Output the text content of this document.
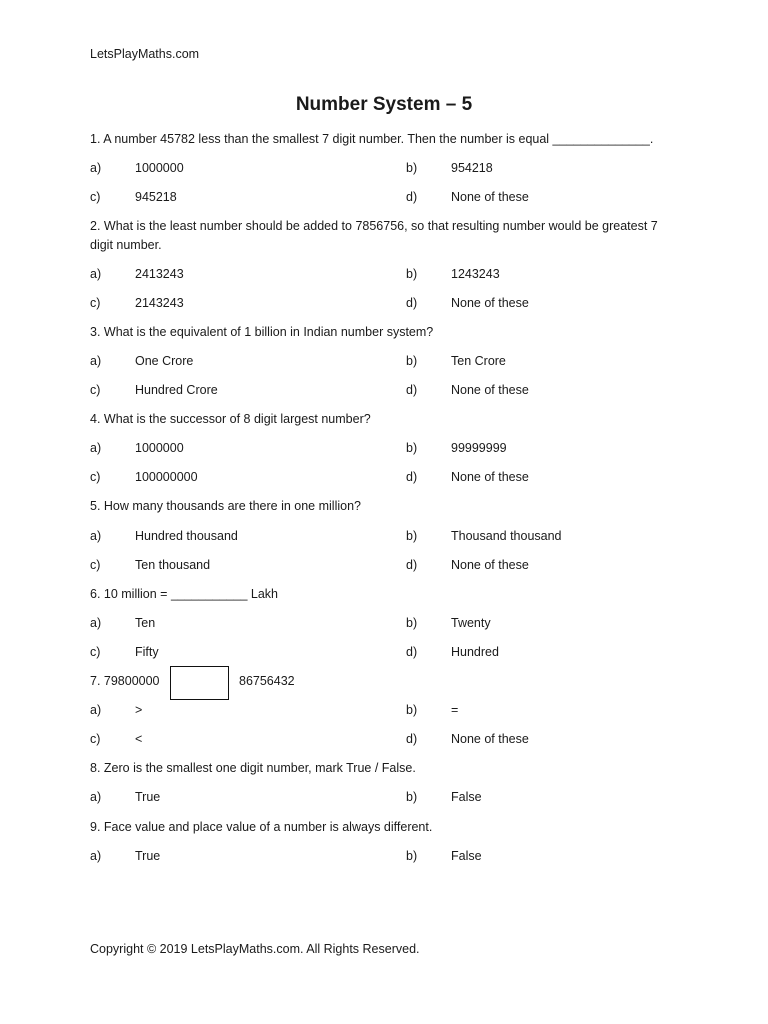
LetsPlayMaths.com
Number System – 5
1. A number 45782 less than the smallest 7 digit number. Then the number is equal ______________.
a)	1000000	b)	954218
c)	945218	d)	None of these
2. What is the least number should be added to 7856756, so that resulting number would be greatest 7 digit number.
a)	2413243	b)	1243243
c)	2143243	d)	None of these
3. What is the equivalent of 1 billion in Indian number system?
a)	One Crore	b)	Ten Crore
c)	Hundred Crore	d)	None of these
4. What is the successor of 8 digit largest number?
a)	1000000	b)	99999999
c)	100000000	d)	None of these
5. How many thousands are there in one million?
a)	Hundred thousand	b)	Thousand thousand
c)	Ten thousand	d)	None of these
6. 10 million = ___________ Lakh
a)	Ten	b)	Twenty
c)	Fifty	d)	Hundred
7. 79800000
a)	>	b)	=
c)	<	d)	None of these
8. Zero is the smallest one digit number, mark True / False.
a)	True	b)	False
9. Face value and place value of a number is always different.
a)	True	b)	False
86756432
Copyright © 2019 LetsPlayMaths.com. All Rights Reserved.
